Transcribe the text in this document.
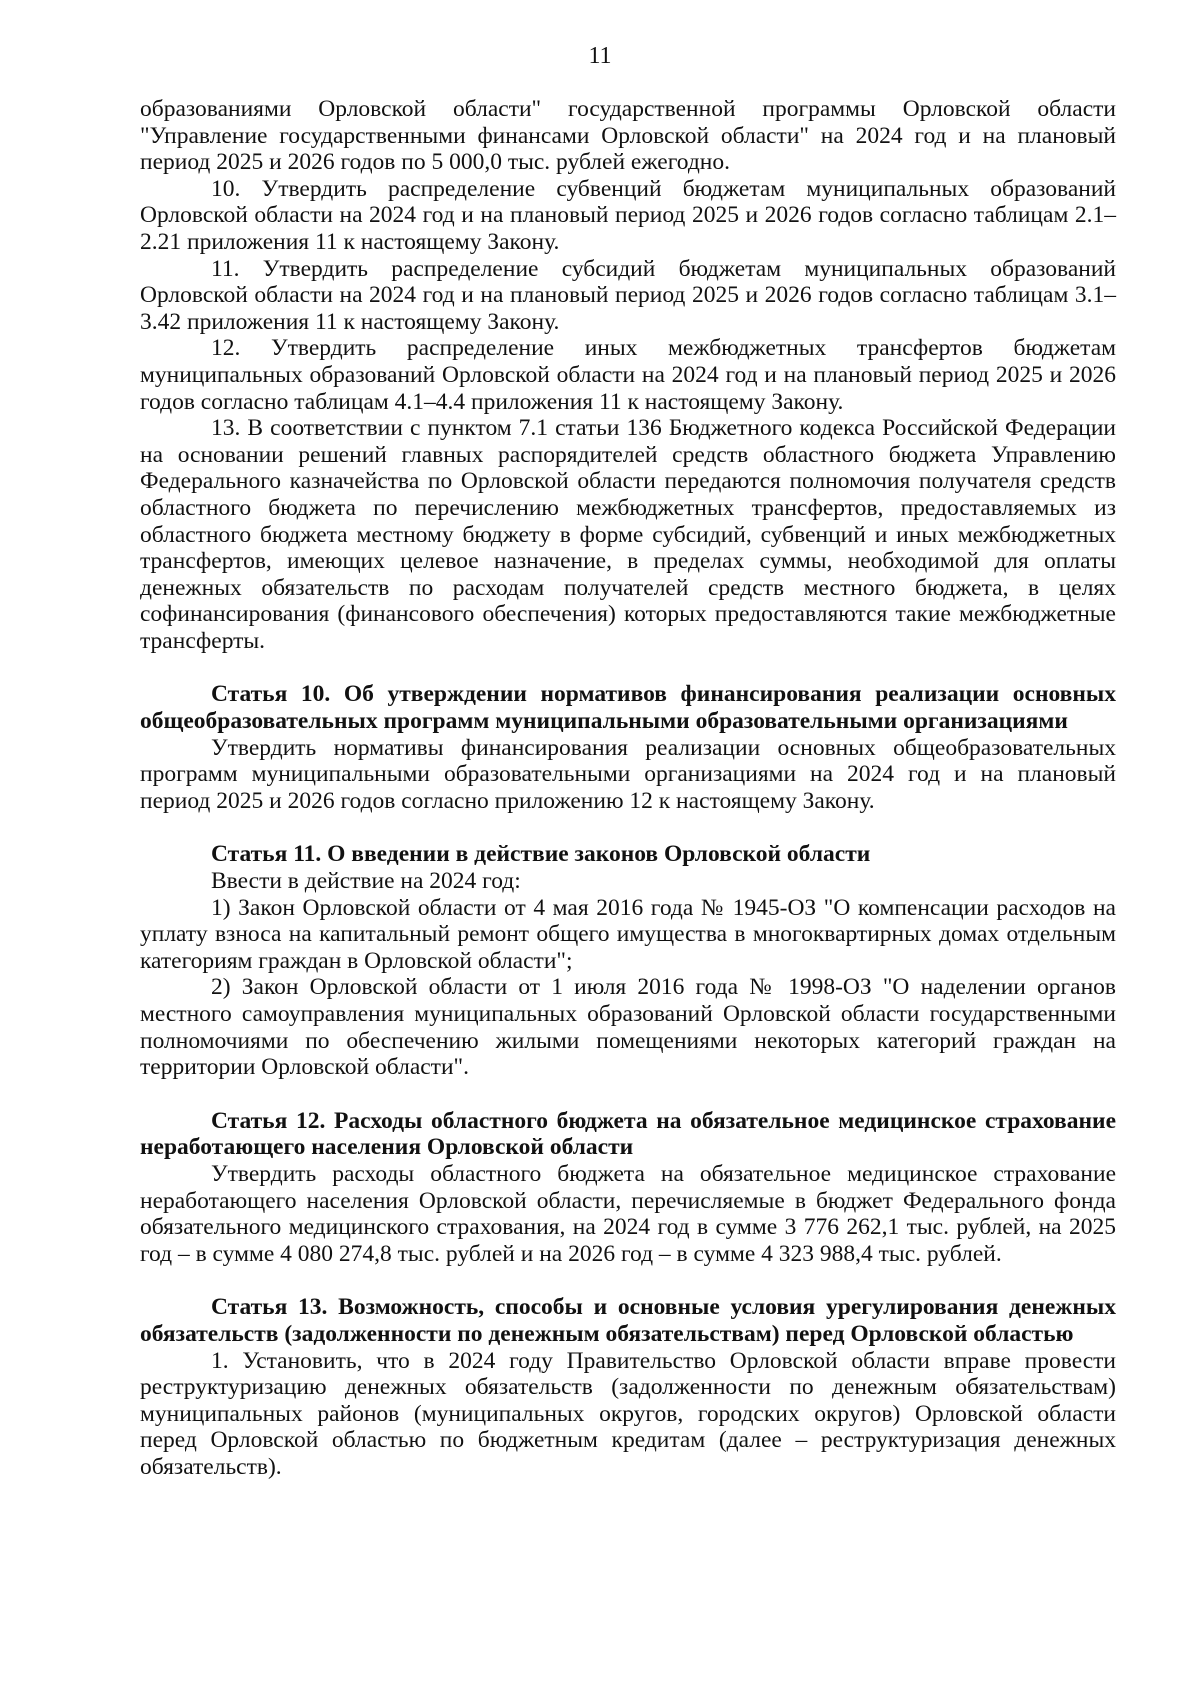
11

образованиями Орловской области" государственной программы Орловской области "Управление государственными финансами Орловской области" на 2024 год и на плановый период 2025 и 2026 годов по 5 000,0 тыс. рублей ежегодно.

10. Утвердить распределение субвенций бюджетам муниципальных образований Орловской области на 2024 год и на плановый период 2025 и 2026 годов согласно таблицам 2.1–2.21 приложения 11 к настоящему Закону.

11. Утвердить распределение субсидий бюджетам муниципальных образований Орловской области на 2024 год и на плановый период 2025 и 2026 годов согласно таблицам 3.1–3.42 приложения 11 к настоящему Закону.

12. Утвердить распределение иных межбюджетных трансфертов бюджетам муниципальных образований Орловской области на 2024 год и на плановый период 2025 и 2026 годов согласно таблицам 4.1–4.4 приложения 11 к настоящему Закону.

13. В соответствии с пунктом 7.1 статьи 136 Бюджетного кодекса Российской Федерации на основании решений главных распорядителей средств областного бюджета Управлению Федерального казначейства по Орловской области передаются полномочия получателя средств областного бюджета по перечислению межбюджетных трансфертов, предоставляемых из областного бюджета местному бюджету в форме субсидий, субвенций и иных межбюджетных трансфертов, имеющих целевое назначение, в пределах суммы, необходимой для оплаты денежных обязательств по расходам получателей средств местного бюджета, в целях софинансирования (финансового обеспечения) которых предоставляются такие межбюджетные трансферты.

Статья 10. Об утверждении нормативов финансирования реализации основных общеобразовательных программ муниципальными образовательными организациями

Утвердить нормативы финансирования реализации основных общеобразовательных программ муниципальными образовательными организациями на 2024 год и на плановый период 2025 и 2026 годов согласно приложению 12 к настоящему Закону.

Статья 11. О введении в действие законов Орловской области

Ввести в действие на 2024 год:

1) Закон Орловской области от 4 мая 2016 года № 1945-ОЗ "О компенсации расходов на уплату взноса на капитальный ремонт общего имущества в многоквартирных домах отдельным категориям граждан в Орловской области";

2) Закон Орловской области от 1 июля 2016 года № 1998-ОЗ "О наделении органов местного самоуправления муниципальных образований Орловской области государственными полномочиями по обеспечению жилыми помещениями некоторых категорий граждан на территории Орловской области".

Статья 12. Расходы областного бюджета на обязательное медицинское страхование неработающего населения Орловской области

Утвердить расходы областного бюджета на обязательное медицинское страхование неработающего населения Орловской области, перечисляемые в бюджет Федерального фонда обязательного медицинского страхования, на 2024 год в сумме 3 776 262,1 тыс. рублей, на 2025 год – в сумме 4 080 274,8 тыс. рублей и на 2026 год – в сумме 4 323 988,4 тыс. рублей.

Статья 13. Возможность, способы и основные условия урегулирования денежных обязательств (задолженности по денежным обязательствам) перед Орловской областью

1. Установить, что в 2024 году Правительство Орловской области вправе провести реструктуризацию денежных обязательств (задолженности по денежным обязательствам) муниципальных районов (муниципальных округов, городских округов) Орловской области перед Орловской областью по бюджетным кредитам (далее – реструктуризация денежных обязательств).
